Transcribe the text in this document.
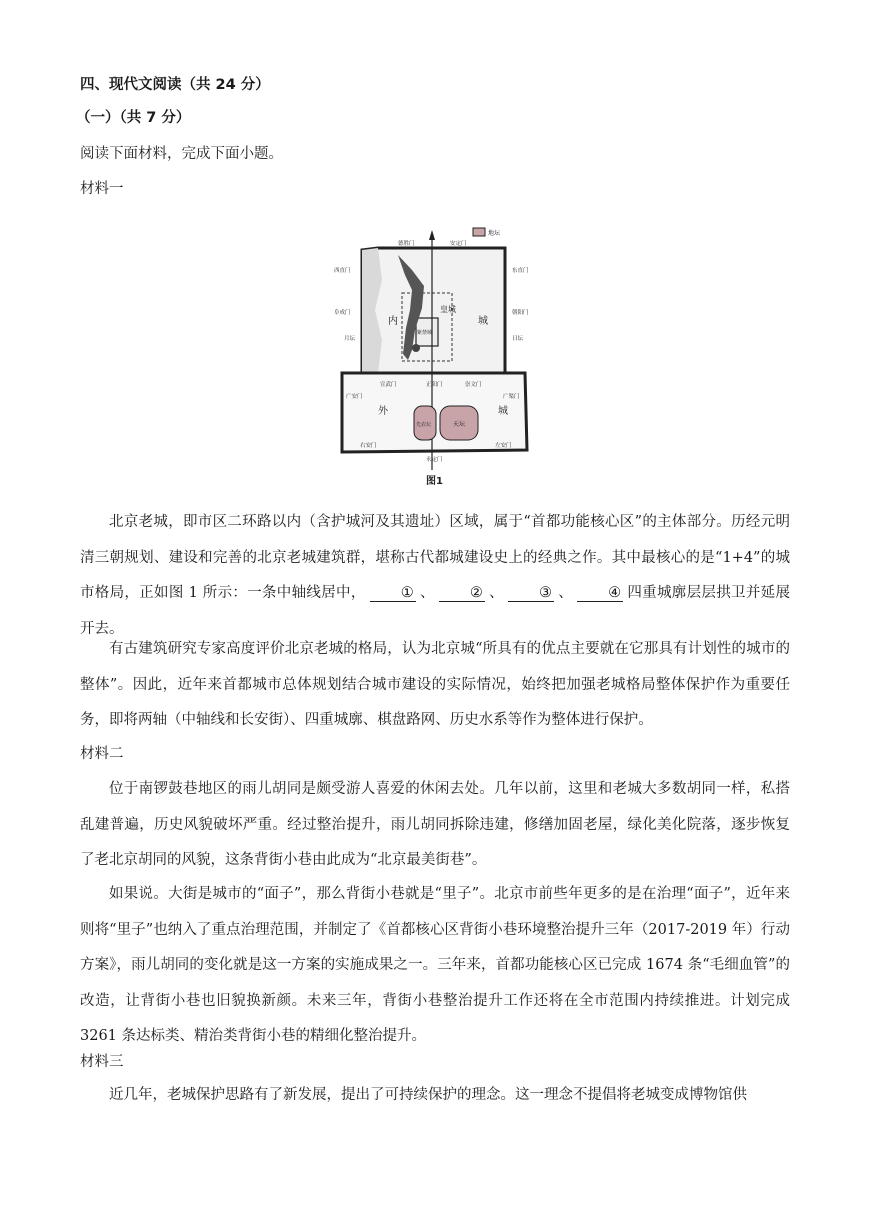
四、现代文阅读（共 24 分）
（一）（共 7 分）
阅读下面材料，完成下面小题。
材料一
地坛
内	城
外	城
皇城
紫禁城
先农坛	天坛
德胜门	安定门
西直门	东直门
阜成门	朝阳门
月坛	日坛
宣武门	正阳门	崇文门
广安门	广渠门
右安门	左安门
永定门
图1

北京老城，即市区二环路以内（含护城河及其遗址）区域，属于“首都功能核心区”的主体部分。历经元明清三朝规划、建设和完善的北京老城建筑群，堪称古代都城建设史上的经典之作。其中最核心的是“1+4”的城市格局，正如图 1 所示：一条中轴线居中， ① 、 ② 、 ③ 、 ④ 四重城廓层层拱卫并延展开去。

有古建筑研究专家高度评价北京老城的格局，认为北京城“所具有的优点主要就在它那具有计划性的城市的整体”。因此，近年来首都城市总体规划结合城市建设的实际情况，始终把加强老城格局整体保护作为重要任务，即将两轴（中轴线和长安街）、四重城廓、棋盘路网、历史水系等作为整体进行保护。

材料二

位于南锣鼓巷地区的雨儿胡同是颇受游人喜爱的休闲去处。几年以前，这里和老城大多数胡同一样，私搭乱建普遍，历史风貌破坏严重。经过整治提升，雨儿胡同拆除违建，修缮加固老屋，绿化美化院落，逐步恢复了老北京胡同的风貌，这条背街小巷由此成为“北京最美街巷”。

如果说。大街是城市的“面子”，那么背街小巷就是“里子”。北京市前些年更多的是在治理“面子”，近年来则将“里子”也纳入了重点治理范围，并制定了《首都核心区背街小巷环境整治提升三年（2017-2019 年）行动方案》，雨儿胡同的变化就是这一方案的实施成果之一。三年来，首都功能核心区已完成 1674 条“毛细血管”的改造，让背街小巷也旧貌换新颜。未来三年，背街小巷整治提升工作还将在全市范围内持续推进。计划完成 3261 条达标类、精治类背街小巷的精细化整治提升。

材料三

近几年，老城保护思路有了新发展，提出了可持续保护的理念。这一理念不提倡将老城变成博物馆供
